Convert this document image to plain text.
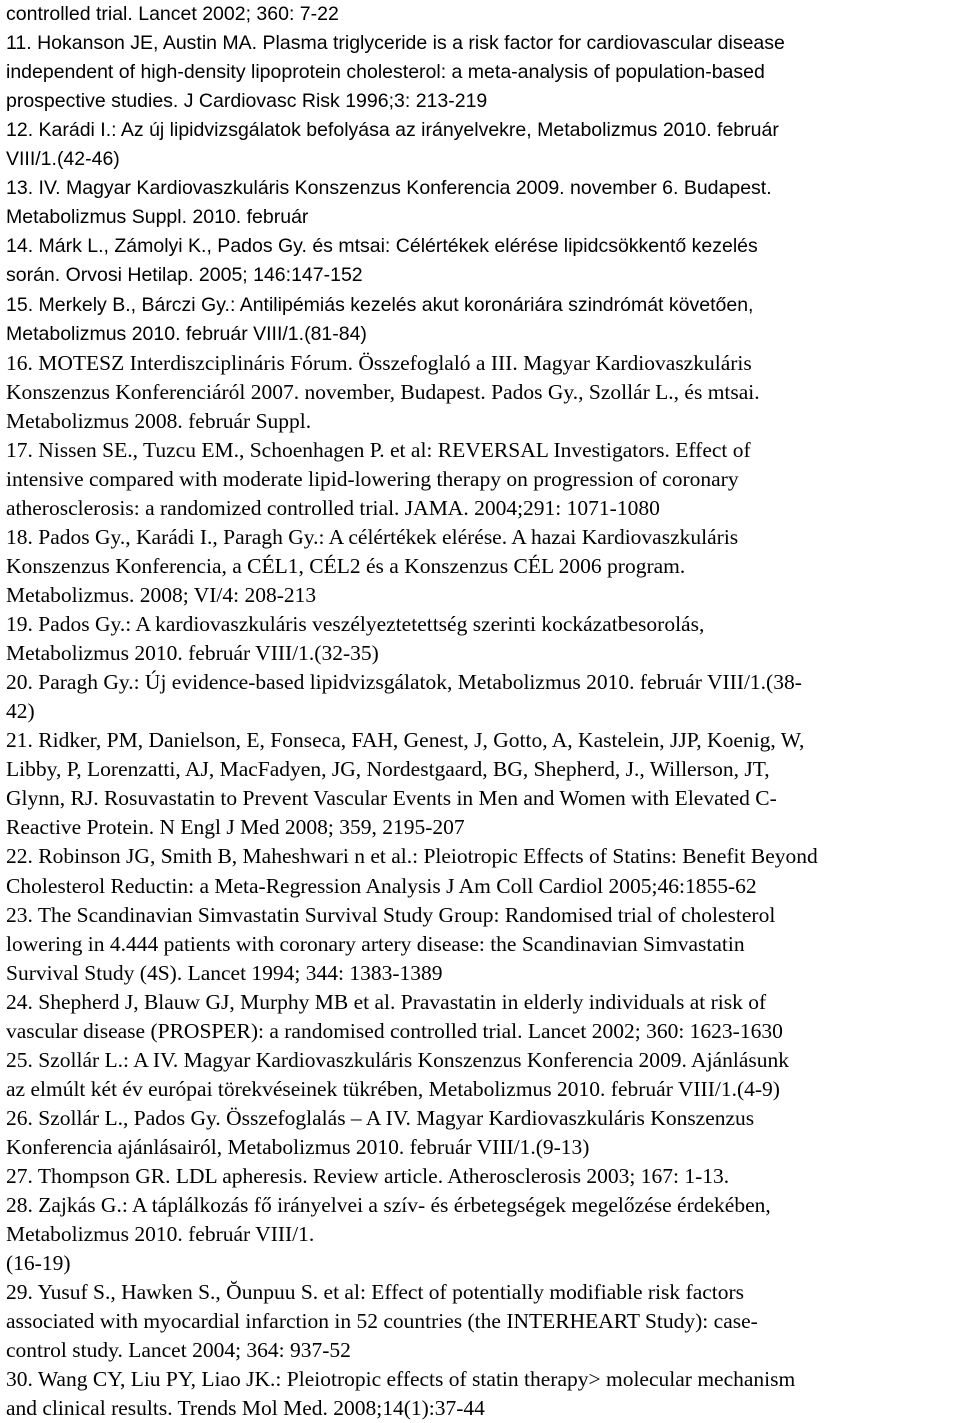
controlled trial. Lancet 2002; 360: 7-22
11. Hokanson JE, Austin MA. Plasma triglyceride is a risk factor for cardiovascular disease
independent of high-density lipoprotein cholesterol: a meta-analysis of population-based
prospective studies. J Cardiovasc Risk 1996;3: 213-219
12. Karádi I.: Az új lipidvizsgálatok befolyása az irányelvekre, Metabolizmus 2010. február
VIII/1.(42-46)
13. IV. Magyar Kardiovaszkuláris Konszenzus Konferencia 2009. november 6. Budapest.
Metabolizmus Suppl. 2010. február
14. Márk L., Zámolyi K., Pados Gy. és mtsai: Célértékek elérése lipidcsökkentő kezelés
során. Orvosi Hetilap. 2005; 146:147-152
15. Merkely B., Bárczi Gy.: Antilipémiás kezelés akut koronáriára szindrómát követően,
Metabolizmus 2010. február VIII/1.(81-84)
16. MOTESZ Interdiszciplináris Fórum. Összefoglaló a III. Magyar Kardiovaszkuláris
Konszenzus Konferenciáról 2007. november, Budapest. Pados Gy., Szollár L., és mtsai.
Metabolizmus 2008. február Suppl.
17. Nissen SE., Tuzcu EM., Schoenhagen P. et al: REVERSAL Investigators. Effect of
intensive compared with moderate lipid-lowering therapy on progression of coronary
atherosclerosis: a randomized controlled trial. JAMA. 2004;291: 1071-1080
18. Pados Gy., Karádi I., Paragh Gy.: A célértékek elérése. A hazai Kardiovaszkuláris
Konszenzus Konferencia, a CÉL1, CÉL2 és a Konszenzus CÉL 2006 program.
Metabolizmus. 2008; VI/4: 208-213
19. Pados Gy.: A kardiovaszkuláris veszélyeztetettség szerinti kockázatbesorolás,
Metabolizmus 2010. február VIII/1.(32-35)
20. Paragh Gy.: Új evidence-based lipidvizsgálatok, Metabolizmus 2010. február VIII/1.(38-
42)
21. Ridker, PM, Danielson, E, Fonseca, FAH, Genest, J, Gotto, A, Kastelein, JJP, Koenig, W,
Libby, P, Lorenzatti, AJ, MacFadyen, JG, Nordestgaard, BG, Shepherd, J., Willerson, JT,
Glynn, RJ. Rosuvastatin to Prevent Vascular Events in Men and Women with Elevated C-
Reactive Protein. N Engl J Med 2008; 359, 2195-207
22. Robinson JG, Smith B, Maheshwari n et al.: Pleiotropic Effects of Statins: Benefit Beyond
Cholesterol Reductin: a Meta-Regression Analysis J Am Coll Cardiol 2005;46:1855-62
23. The Scandinavian Simvastatin Survival Study Group: Randomised trial of cholesterol
lowering in 4.444 patients with coronary artery disease: the Scandinavian Simvastatin
Survival Study (4S). Lancet 1994; 344: 1383-1389
24. Shepherd J, Blauw GJ, Murphy MB et al. Pravastatin in elderly individuals at risk of
vascular disease (PROSPER): a randomised controlled trial. Lancet 2002; 360: 1623-1630
25. Szollár L.: A IV. Magyar Kardiovaszkuláris Konszenzus Konferencia 2009. Ajánlásunk
az elmúlt két év európai törekvéseinek tükrében, Metabolizmus 2010. február VIII/1.(4-9)
26. Szollár L., Pados Gy. Összefoglalás – A IV. Magyar Kardiovaszkuláris Konszenzus
Konferencia ajánlásairól, Metabolizmus 2010. február VIII/1.(9-13)
27. Thompson GR. LDL apheresis. Review article. Atherosclerosis 2003; 167: 1-13.
28. Zajkás G.: A táplálkozás fő irányelvei a szív- és érbetegségek megelőzése érdekében,
Metabolizmus 2010. február VIII/1.
(16-19)
29. Yusuf S., Hawken S., Ŏunpuu S. et al: Effect of potentially modifiable risk factors
associated with myocardial infarction in 52 countries (the INTERHEART Study): case-
control study. Lancet 2004; 364: 937-52
30. Wang CY, Liu PY, Liao JK.: Pleiotropic effects of statin therapy> molecular mechanism
and clinical results. Trends Mol Med. 2008;14(1):37-44
